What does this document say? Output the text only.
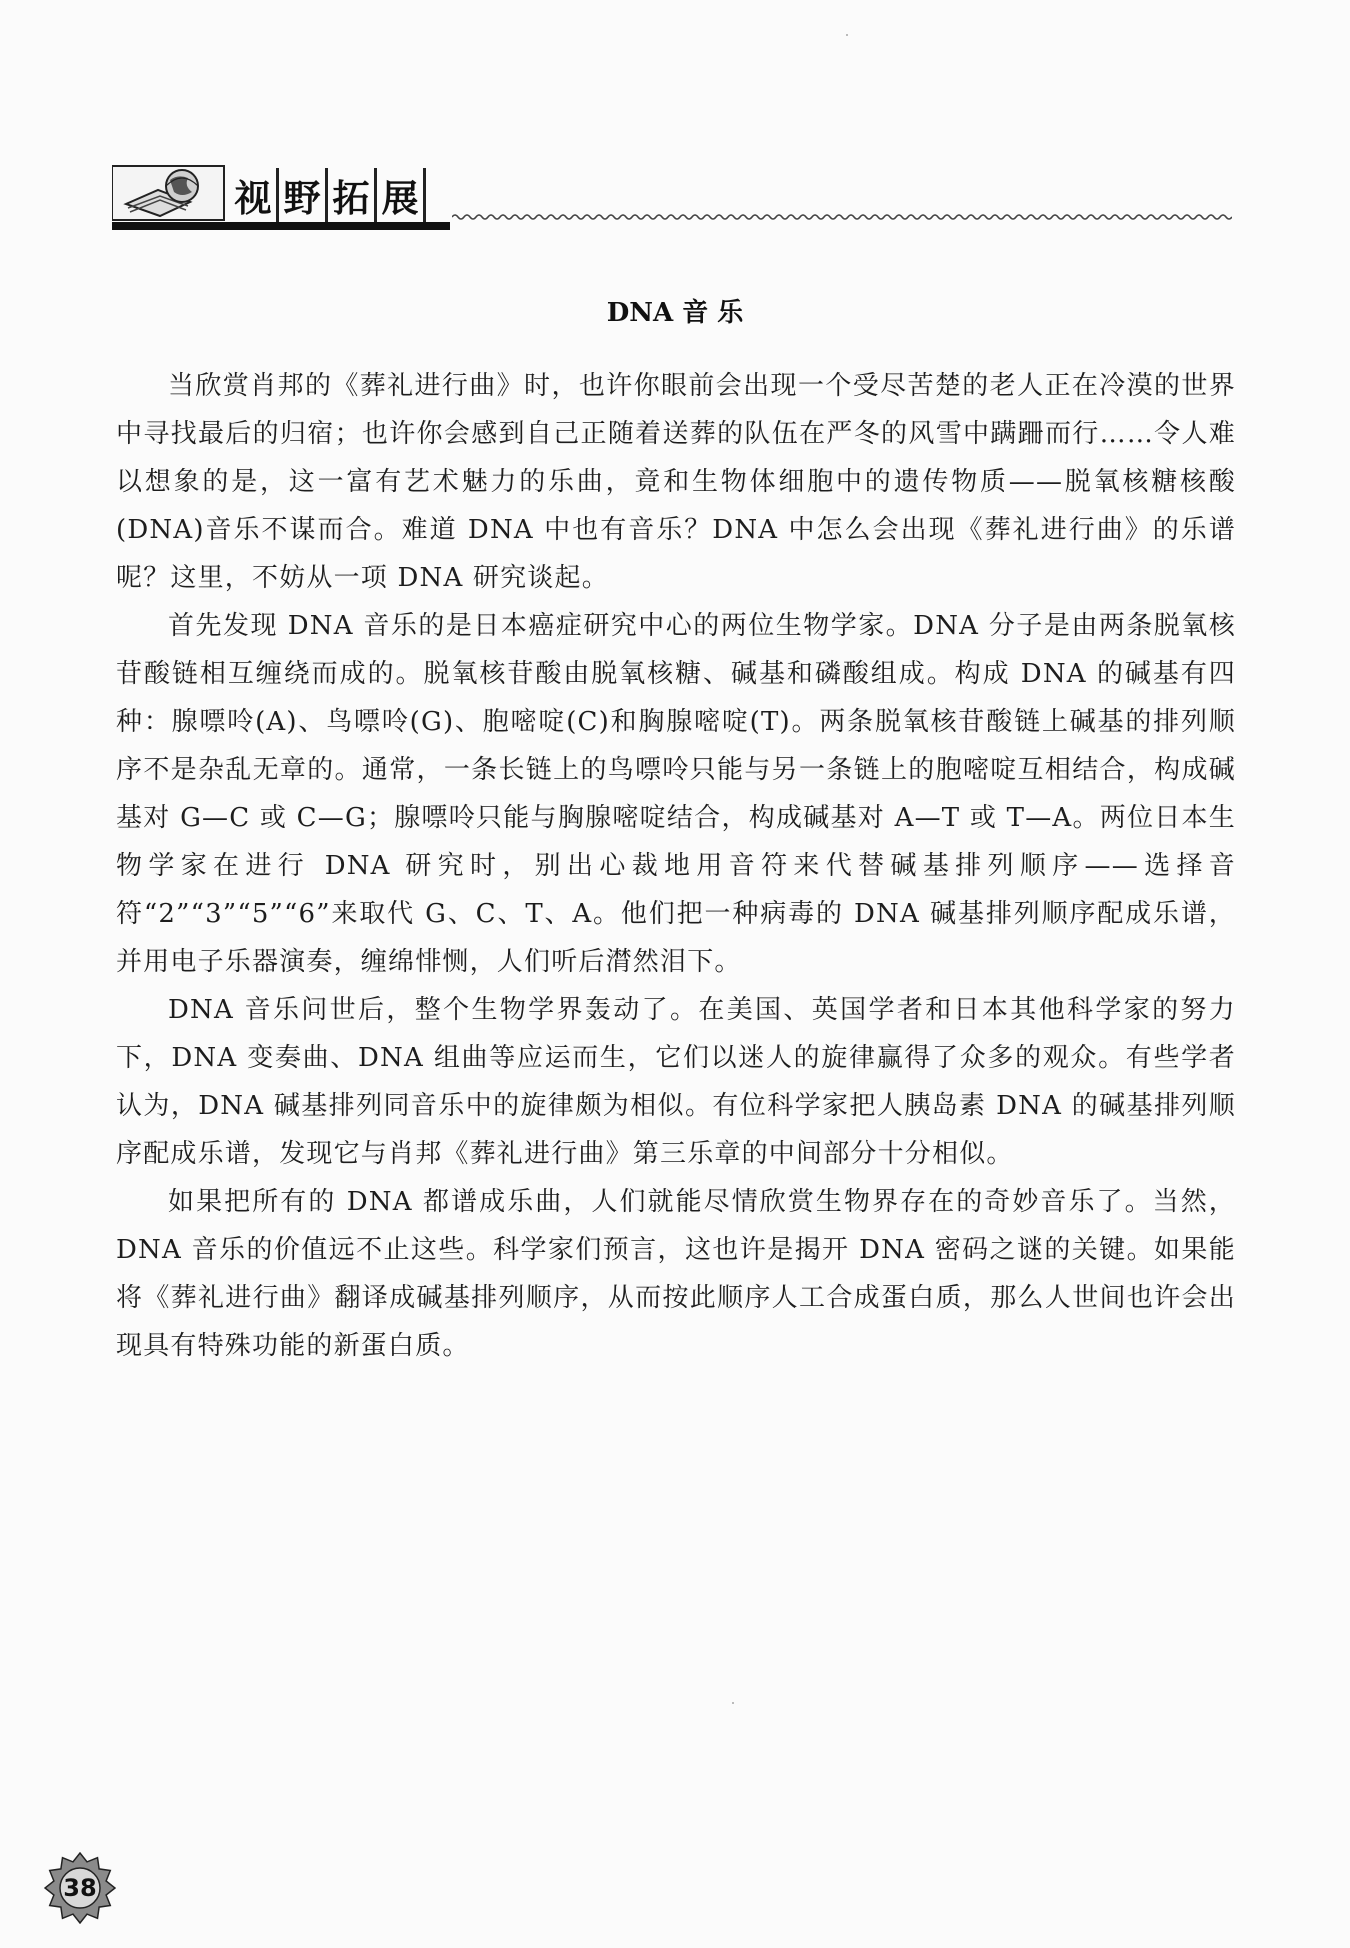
视 野 拓 展
DNA 音 乐

当欣赏肖邦的《葬礼进行曲》时，也许你眼前会出现一个受尽苦楚的老人正在冷漠的世界中寻找最后的归宿；也许你会感到自己正随着送葬的队伍在严冬的风雪中蹒跚而行……令人难以想象的是，这一富有艺术魅力的乐曲，竟和生物体细胞中的遗传物质——脱氧核糖核酸(DNA)音乐不谋而合。难道 DNA 中也有音乐？DNA 中怎么会出现《葬礼进行曲》的乐谱呢？这里，不妨从一项 DNA 研究谈起。

首先发现 DNA 音乐的是日本癌症研究中心的两位生物学家。DNA 分子是由两条脱氧核苷酸链相互缠绕而成的。脱氧核苷酸由脱氧核糖、碱基和磷酸组成。构成 DNA 的碱基有四种：腺嘌呤(A)、鸟嘌呤(G)、胞嘧啶(C)和胸腺嘧啶(T)。两条脱氧核苷酸链上碱基的排列顺序不是杂乱无章的。通常，一条长链上的鸟嘌呤只能与另一条链上的胞嘧啶互相结合，构成碱基对 G—C 或 C—G；腺嘌呤只能与胸腺嘧啶结合，构成碱基对 A—T 或 T—A。两位日本生物学家在进行 DNA 研究时，别出心裁地用音符来代替碱基排列顺序——选择音符“2”“3”“5”“6”来取代 G、C、T、A。他们把一种病毒的 DNA 碱基排列顺序配成乐谱，并用电子乐器演奏，缠绵悱恻，人们听后潸然泪下。

DNA 音乐问世后，整个生物学界轰动了。在美国、英国学者和日本其他科学家的努力下，DNA 变奏曲、DNA 组曲等应运而生，它们以迷人的旋律赢得了众多的观众。有些学者认为，DNA 碱基排列同音乐中的旋律颇为相似。有位科学家把人胰岛素 DNA 的碱基排列顺序配成乐谱，发现它与肖邦《葬礼进行曲》第三乐章的中间部分十分相似。

如果把所有的 DNA 都谱成乐曲，人们就能尽情欣赏生物界存在的奇妙音乐了。当然，DNA 音乐的价值远不止这些。科学家们预言，这也许是揭开 DNA 密码之谜的关键。如果能将《葬礼进行曲》翻译成碱基排列顺序，从而按此顺序人工合成蛋白质，那么人世间也许会出现具有特殊功能的新蛋白质。

38
